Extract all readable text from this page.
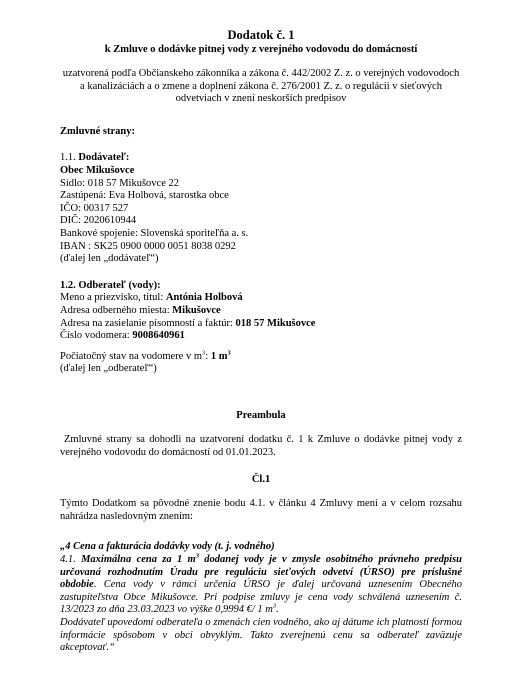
Dodatok č. 1
k Zmluve o dodávke pitnej vody z verejného vodovodu do domácností
uzatvorená podľa Občianskeho zákonníka a zákona č. 442/2002 Z. z. o verejných vodovodoch a kanalizáciách a o zmene a doplnení zákona č. 276/2001 Z. z. o regulácii v sieťových odvetviach v znení neskorších predpisov
Zmluvné strany:
1.1. Dodávateľ:
Obec Mikušovce
Sídlo: 018 57 Mikušovce 22
Zastúpená: Eva Holbová, starostka obce
IČO: 00317 527
DIČ: 2020610944
Bankové spojenie: Slovenská sporiteľňa a. s.
IBAN : SK25 0900 0000 0051 8038 0292
(ďalej len „dodávateľ“)
1.2. Odberateľ (vody):
Meno a priezvisko, titul: Antónia Holbová
Adresa odberného miesta: Mikušovce
Adresa na zasielanie písomností a faktúr: 018 57 Mikušovce
Číslo vodomera: 9008640961
Počiatočný stav na vodomere v $m^3$: 1 $m^3$
(ďalej len „odberateľ“)
Preambula
Zmluvné strany sa dohodli na uzatvorení dodatku č. 1 k Zmluve o dodávke pitnej vody z verejného vodovodu do domácností od 01.01.2023.
Čl.1
Týmto Dodatkom sa pôvodné znenie bodu 4.1. v článku 4 Zmluvy mení a v celom rozsahu nahrádza nasledovným znením:
„4 Cena a fakturácia dodávky vody (t. j. vodného)
4.1. Maximálna cena za 1 $m^3$ dodanej vody je v zmysle osobitného právneho predpisu určovaná rozhodnutím Úradu pre reguláciu sieťových odvetví (ÚRSO) pre príslušné obdobie. Cena vody v rámci určenia ÚRSO je ďalej určovaná uznesením Obecného zastupiteľstva Obce Mikušovce. Pri podpise zmluvy je cena vody schválená uznesením č. 13/2023 zo dňa 23.03.2023 vo výške 0,9994 €/ 1 $m^3$.
Dodávateľ upovedomí odberateľa o zmenách cien vodného, ako aj dátume ich platnosti formou informácie spôsobom v obci obvyklým. Takto zverejnenú cenu sa odberateľ zaväzuje akceptovať.“
